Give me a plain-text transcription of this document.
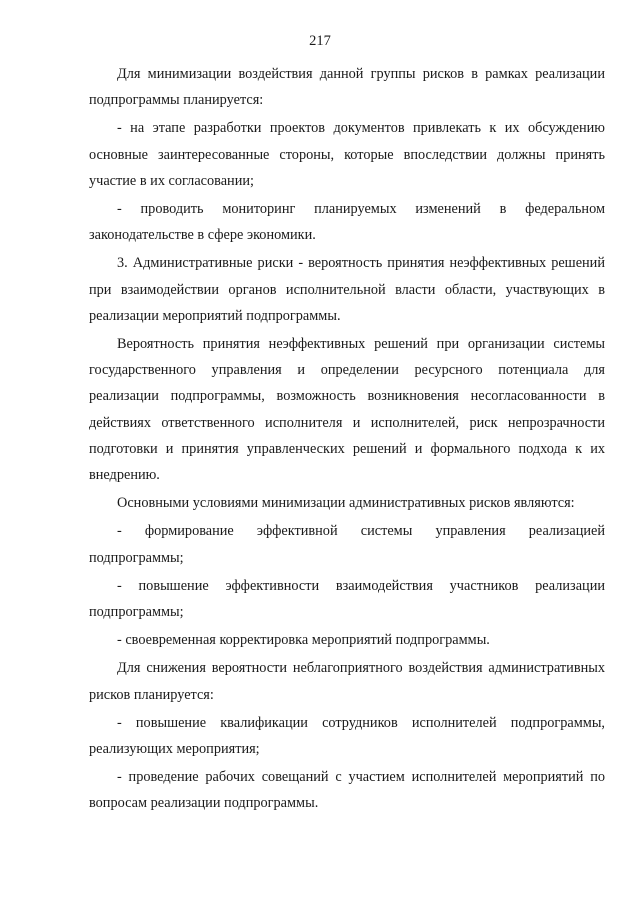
217

Для минимизации воздействия данной группы рисков в рамках реализации подпрограммы планируется:

- на этапе разработки проектов документов привлекать к их обсуждению основные заинтересованные стороны, которые впоследствии должны принять участие в их согласовании;

- проводить мониторинг планируемых изменений в федеральном законодательстве в сфере экономики.

3. Административные риски - вероятность принятия неэффективных решений при взаимодействии органов исполнительной власти области, участвующих в реализации мероприятий подпрограммы.

Вероятность принятия неэффективных решений при организации системы государственного управления и определении ресурсного потенциала для реализации подпрограммы, возможность возникновения несогласованности в действиях ответственного исполнителя и исполнителей, риск непрозрачности подготовки и принятия управленческих решений и формального подхода к их внедрению.

Основными условиями минимизации административных рисков являются:

- формирование эффективной системы управления реализацией подпрограммы;

- повышение эффективности взаимодействия участников реализации подпрограммы;

- своевременная корректировка мероприятий подпрограммы.

Для снижения вероятности неблагоприятного воздействия административных рисков планируется:

- повышение квалификации сотрудников исполнителей подпрограммы, реализующих мероприятия;

- проведение рабочих совещаний с участием исполнителей мероприятий по вопросам реализации подпрограммы.
